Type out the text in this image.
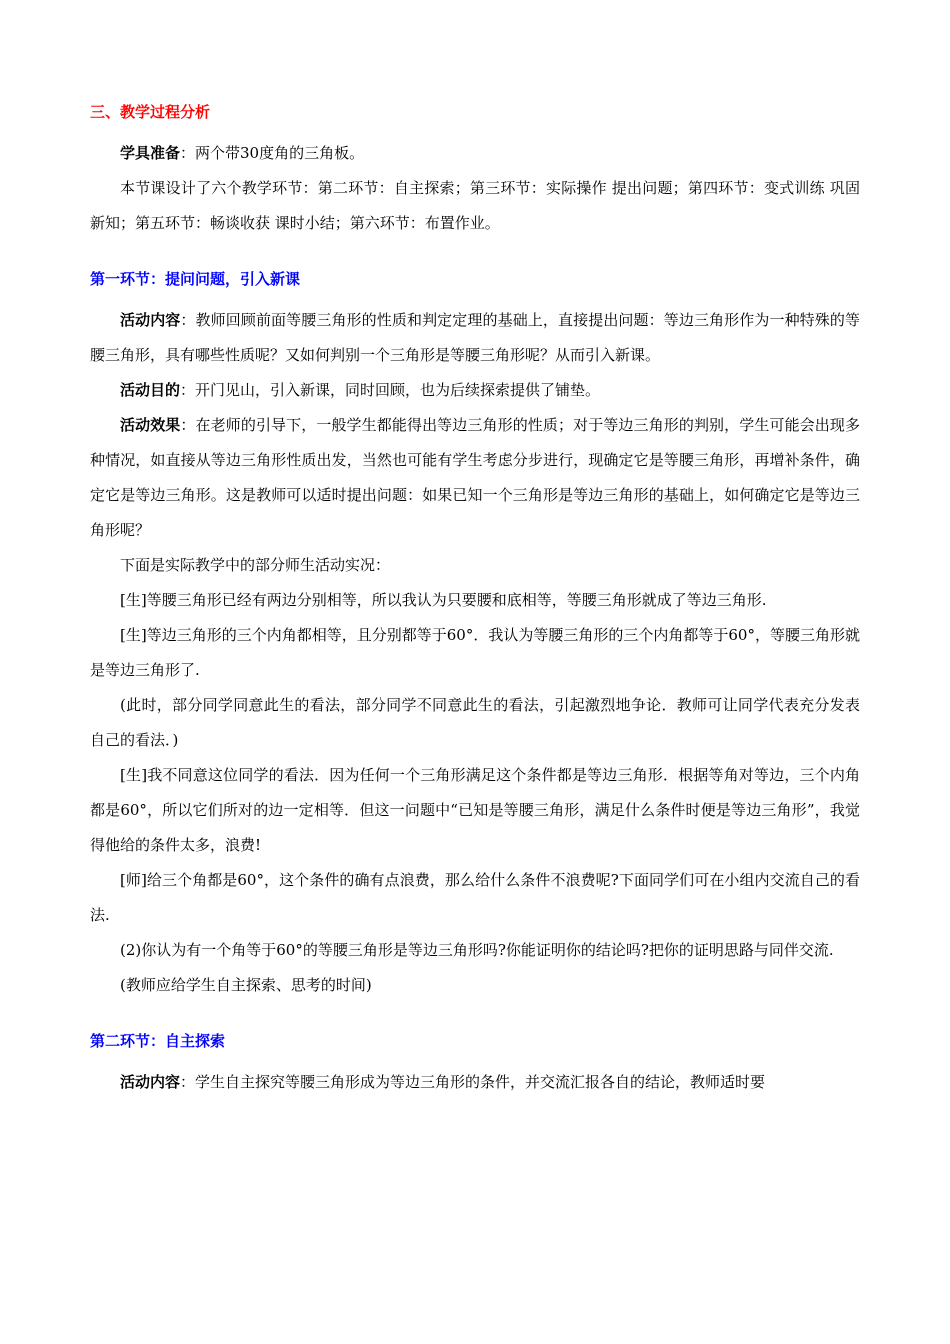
三、教学过程分析

学具准备：两个带30度角的三角板。

本节课设计了六个教学环节：第二环节：自主探索；第三环节：实际操作 提出问题；第四环节：变式训练 巩固新知；第五环节：畅谈收获 课时小结；第六环节：布置作业。

第一环节：提问问题，引入新课

活动内容：教师回顾前面等腰三角形的性质和判定定理的基础上，直接提出问题：等边三角形作为一种特殊的等腰三角形，具有哪些性质呢？又如何判别一个三角形是等腰三角形呢？从而引入新课。

活动目的：开门见山，引入新课，同时回顾，也为后续探索提供了铺垫。

活动效果：在老师的引导下，一般学生都能得出等边三角形的性质；对于等边三角形的判别，学生可能会出现多种情况，如直接从等边三角形性质出发，当然也可能有学生考虑分步进行，现确定它是等腰三角形，再增补条件，确定它是等边三角形。这是教师可以适时提出问题：如果已知一个三角形是等边三角形的基础上，如何确定它是等边三角形呢？

下面是实际教学中的部分师生活动实况：

[生]等腰三角形已经有两边分别相等，所以我认为只要腰和底相等，等腰三角形就成了等边三角形.

[生]等边三角形的三个内角都相等，且分别都等于60°．我认为等腰三角形的三个内角都等于60°，等腰三角形就是等边三角形了.

(此时，部分同学同意此生的看法，部分同学不同意此生的看法，引起激烈地争论．教师可让同学代表充分发表自己的看法．)

[生]我不同意这位同学的看法．因为任何一个三角形满足这个条件都是等边三角形．根据等角对等边，三个内角都是60°，所以它们所对的边一定相等．但这一问题中“已知是等腰三角形，满足什么条件时便是等边三角形”，我觉得他给的条件太多，浪费!

[师]给三个角都是60°，这个条件的确有点浪费，那么给什么条件不浪费呢?下面同学们可在小组内交流自己的看法.

(2)你认为有一个角等于60°的等腰三角形是等边三角形吗?你能证明你的结论吗?把你的证明思路与同伴交流.

(教师应给学生自主探索、思考的时间)

第二环节：自主探索

活动内容：学生自主探究等腰三角形成为等边三角形的条件，并交流汇报各自的结论，教师适时要
